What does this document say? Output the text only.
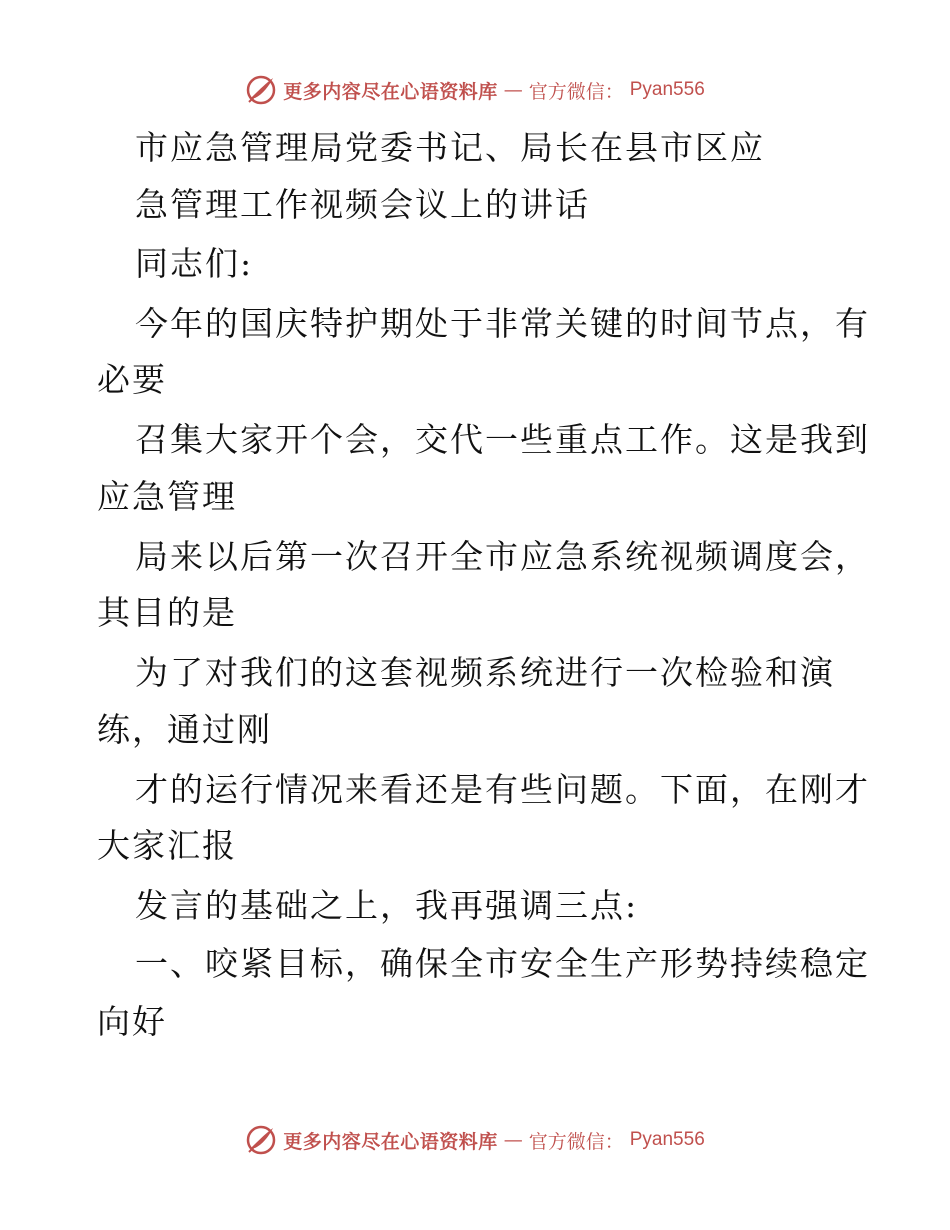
更多内容尽在心语资料库 — 官方微信： Pyan556
市应急管理局党委书记、局长在县市区应
急管理工作视频会议上的讲话
同志们:
今年的国庆特护期处于非常关键的时间节点，有
必要
召集大家开个会，交代一些重点工作。这是我到
应急管理
局来以后第一次召开全市应急系统视频调度会，
其目的是
为了对我们的这套视频系统进行一次检验和演
练，通过刚
才的运行情况来看还是有些问题。下面，在刚才
大家汇报
发言的基础之上，我再强调三点:
一、咬紧目标，确保全市安全生产形势持续稳定
向好
更多内容尽在心语资料库 — 官方微信： Pyan556
